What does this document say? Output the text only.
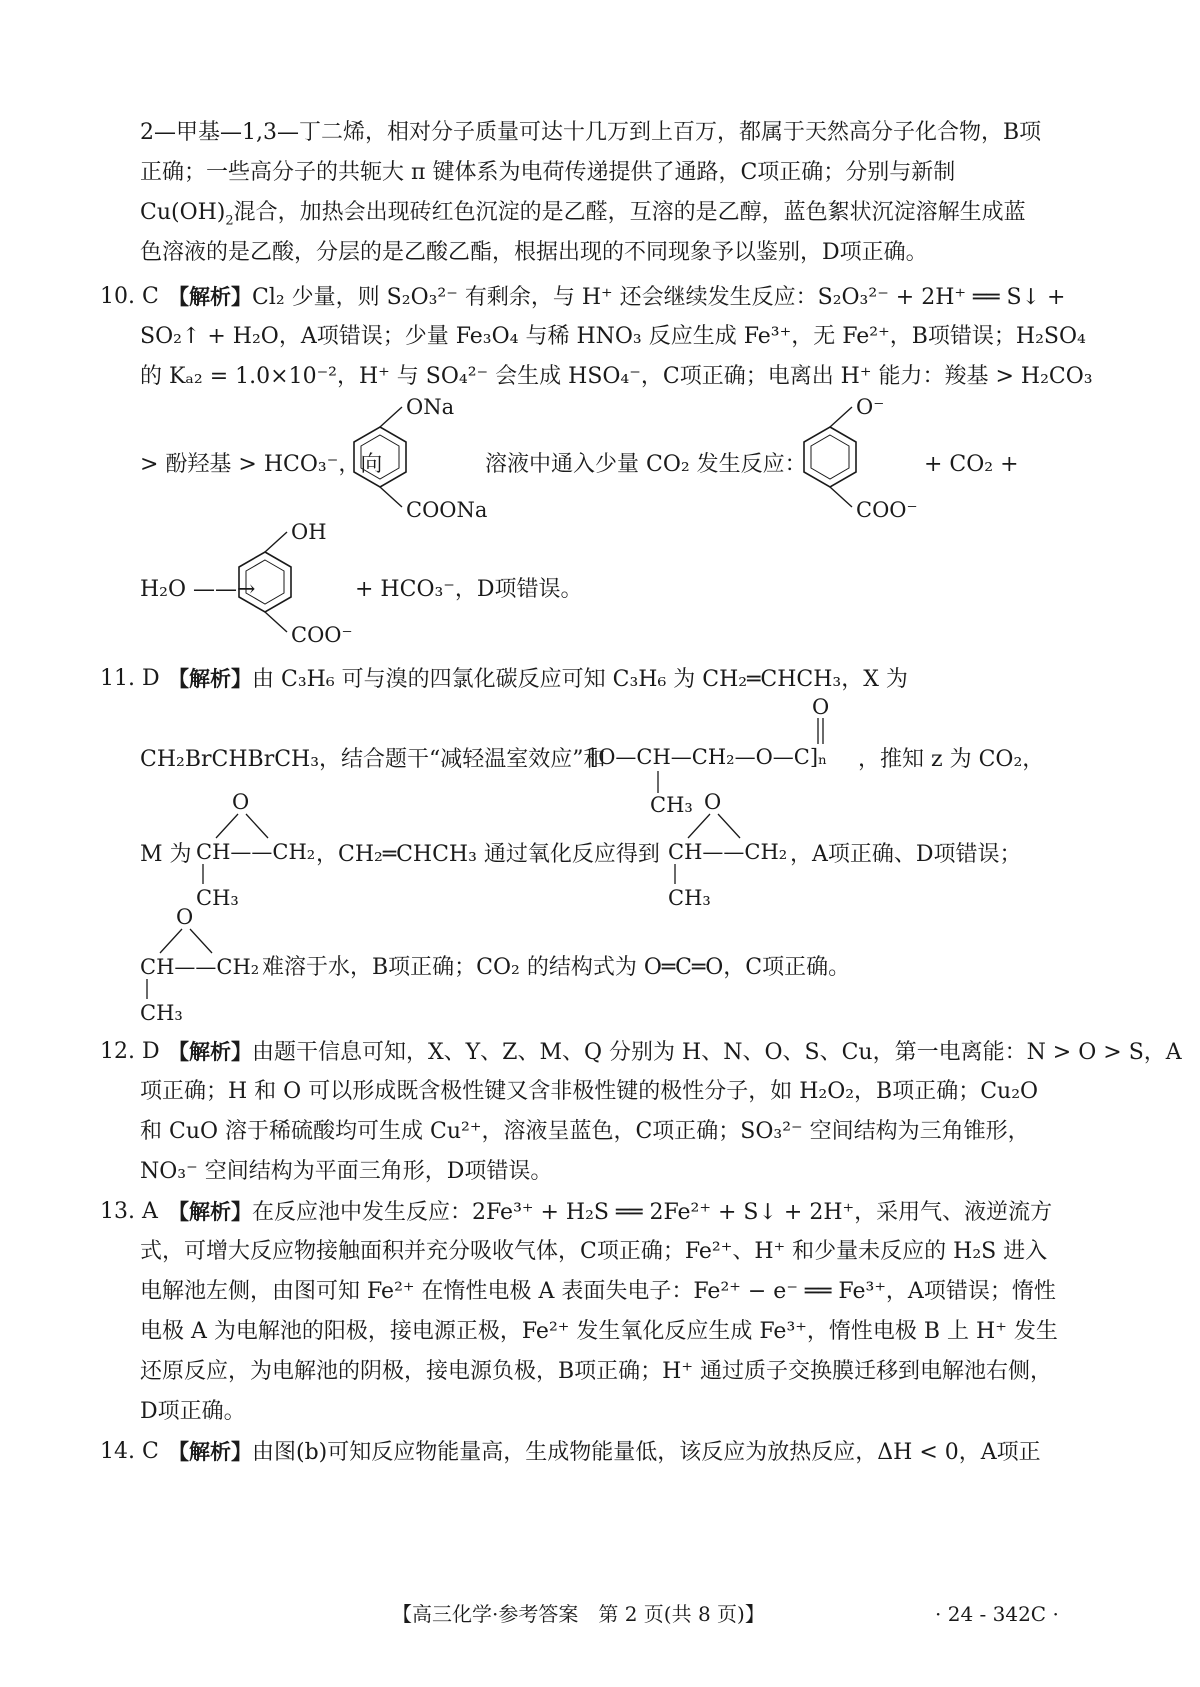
2—甲基—1,3—丁二烯，相对分子质量可达十几万到上百万，都属于天然高分子化合物，B项
正确；一些高分子的共轭大 π 键体系为电荷传递提供了通路，C项正确；分别与新制
$Cu(OH)_2$混合，加热会出现砖红色沉淀的是乙醛，互溶的是乙醇，蓝色絮状沉淀溶解生成蓝
色溶液的是乙酸，分层的是乙酸乙酯，根据出现的不同现象予以鉴别，D项正确。
10. C 【解析】Cl₂ 少量，则 S₂O₃²⁻ 有剩余，与 H⁺ 还会继续发生反应：S₂O₃²⁻ + 2H⁺ ══ S↓ +
SO₂↑ + H₂O，A项错误；少量 Fe₃O₄ 与稀 HNO₃ 反应生成 Fe³⁺，无 Fe²⁺，B项错误；H₂SO₄
的 Kₐ₂ = 1.0×10⁻²，H⁺ 与 SO₄²⁻ 会生成 HSO₄⁻，C项正确；电离出 H⁺ 能力：羧基 > H₂CO₃
> 酚羟基 > HCO₃⁻，向
ONa
COONa
溶液中通入少量 CO₂ 发生反应：
O⁻
COO⁻
+ CO₂ +
H₂O ——→
OH
COO⁻
+ HCO₃⁻，D项错误。
11. D 【解析】由 C₃H₆ 可与溴的四氯化碳反应可知 C₃H₆ 为 CH₂═CHCH₃，X 为
CH₂BrCHBrCH₃，结合题干“减轻温室效应”和
[O—CH—CH₂—O—C]ₙ
O
CH₃
，推知 z 为 CO₂，
M 为
O
CH——CH₂
CH₃
，CH₂═CHCH₃ 通过氧化反应得到
O
CH——CH₂
CH₃
，A项正确、D项错误；
O
CH——CH₂
CH₃
难溶于水，B项正确；CO₂ 的结构式为 O═C═O，C项正确。
12. D 【解析】由题干信息可知，X、Y、Z、M、Q 分别为 H、N、O、S、Cu，第一电离能：N > O > S，A
项正确；H 和 O 可以形成既含极性键又含非极性键的极性分子，如 H₂O₂，B项正确；Cu₂O
和 CuO 溶于稀硫酸均可生成 Cu²⁺，溶液呈蓝色，C项正确；SO₃²⁻ 空间结构为三角锥形，
NO₃⁻ 空间结构为平面三角形，D项错误。
13. A 【解析】在反应池中发生反应：2Fe³⁺ + H₂S ══ 2Fe²⁺ + S↓ + 2H⁺，采用气、液逆流方
式，可增大反应物接触面积并充分吸收气体，C项正确；Fe²⁺、H⁺ 和少量未反应的 H₂S 进入
电解池左侧，由图可知 Fe²⁺ 在惰性电极 A 表面失电子：Fe²⁺ − e⁻ ══ Fe³⁺，A项错误；惰性
电极 A 为电解池的阳极，接电源正极，Fe²⁺ 发生氧化反应生成 Fe³⁺，惰性电极 B 上 H⁺ 发生
还原反应，为电解池的阴极，接电源负极，B项正确；H⁺ 通过质子交换膜迁移到电解池右侧，
D项正确。
14. C 【解析】由图(b)可知反应物能量高，生成物能量低，该反应为放热反应，ΔH < 0，A项正
【高三化学·参考答案　第 2 页(共 8 页)】	· 24 - 342C ·
